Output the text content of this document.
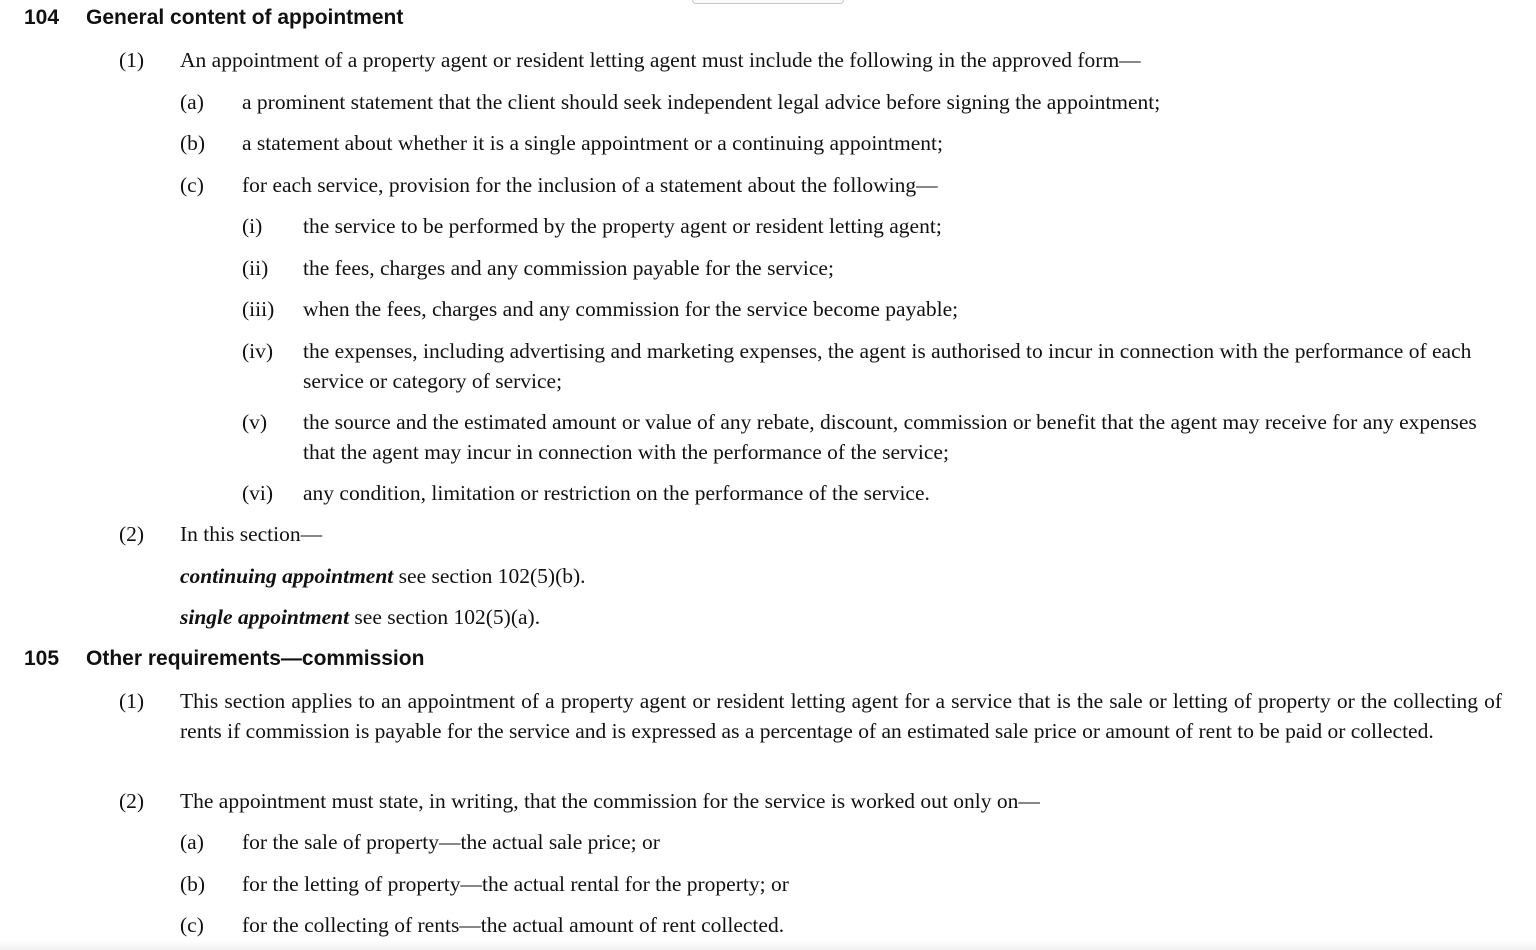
104 General content of appointment
(1) An appointment of a property agent or resident letting agent must include the following in the approved form—
(a) a prominent statement that the client should seek independent legal advice before signing the appointment;
(b) a statement about whether it is a single appointment or a continuing appointment;
(c) for each service, provision for the inclusion of a statement about the following—
(i) the service to be performed by the property agent or resident letting agent;
(ii) the fees, charges and any commission payable for the service;
(iii) when the fees, charges and any commission for the service become payable;
(iv) the expenses, including advertising and marketing expenses, the agent is authorised to incur in connection with the performance of each service or category of service;
(v) the source and the estimated amount or value of any rebate, discount, commission or benefit that the agent may receive for any expenses that the agent may incur in connection with the performance of the service;
(vi) any condition, limitation or restriction on the performance of the service.
(2) In this section—
continuing appointment see section 102(5)(b).
single appointment see section 102(5)(a).
105 Other requirements—commission
(1) This section applies to an appointment of a property agent or resident letting agent for a service that is the sale or letting of property or the collecting of rents if commission is payable for the service and is expressed as a percentage of an estimated sale price or amount of rent to be paid or collected.
(2) The appointment must state, in writing, that the commission for the service is worked out only on—
(a) for the sale of property—the actual sale price; or
(b) for the letting of property—the actual rental for the property; or
(c) for the collecting of rents—the actual amount of rent collected.
